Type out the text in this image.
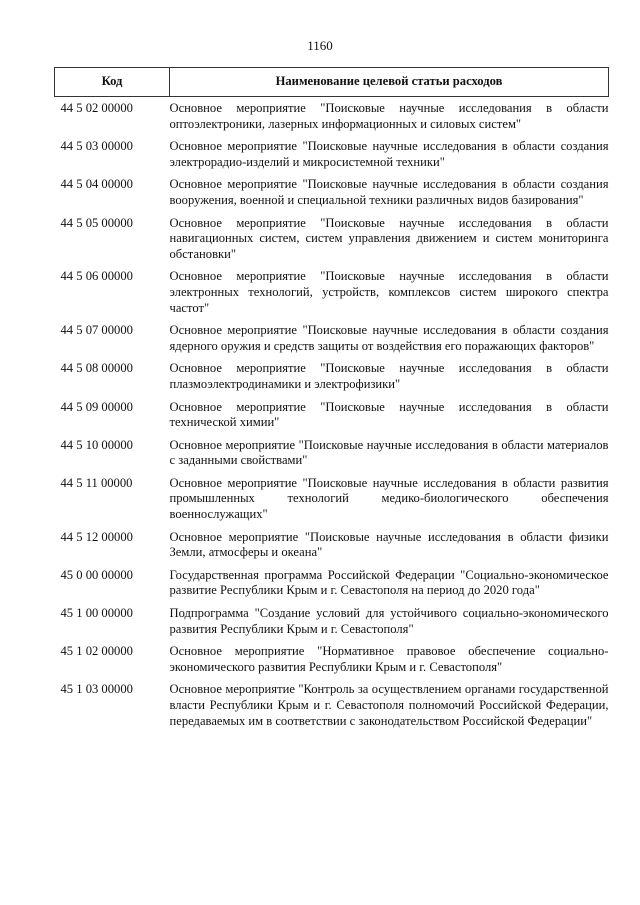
1160
Код	Наименование целевой статьи расходов
44 5 02 00000	Основное мероприятие "Поисковые научные исследования в области оптоэлектроники, лазерных информационных и силовых систем"
44 5 03 00000	Основное мероприятие "Поисковые научные исследования в области создания электрорадио-изделий и микросистемной техники"
44 5 04 00000	Основное мероприятие "Поисковые научные исследования в области создания вооружения, военной и специальной техники различных видов базирования"
44 5 05 00000	Основное мероприятие "Поисковые научные исследования в области навигационных систем, систем управления движением и систем мониторинга обстановки"
44 5 06 00000	Основное мероприятие "Поисковые научные исследования в области электронных технологий, устройств, комплексов систем широкого спектра частот"
44 5 07 00000	Основное мероприятие "Поисковые научные исследования в области создания ядерного оружия и средств защиты от воздействия его поражающих факторов"
44 5 08 00000	Основное мероприятие "Поисковые научные исследования в области плазмоэлектродинамики и электрофизики"
44 5 09 00000	Основное мероприятие "Поисковые научные исследования в области технической химии"
44 5 10 00000	Основное мероприятие "Поисковые научные исследования в области материалов с заданными свойствами"
44 5 11 00000	Основное мероприятие "Поисковые научные исследования в области развития промышленных технологий медико-биологического обеспечения военнослужащих"
44 5 12 00000	Основное мероприятие "Поисковые научные исследования в области физики Земли, атмосферы и океана"
45 0 00 00000	Государственная программа Российской Федерации "Социально-экономическое развитие Республики Крым и г. Севастополя на период до 2020 года"
45 1 00 00000	Подпрограмма "Создание условий для устойчивого социально-экономического развития Республики Крым и г. Севастополя"
45 1 02 00000	Основное мероприятие "Нормативное правовое обеспечение социально-экономического развития Республики Крым и г. Севастополя"
45 1 03 00000	Основное мероприятие "Контроль за осуществлением органами государственной власти Республики Крым и г. Севастополя полномочий Российской Федерации, передаваемых им в соответствии с законодательством Российской Федерации"
